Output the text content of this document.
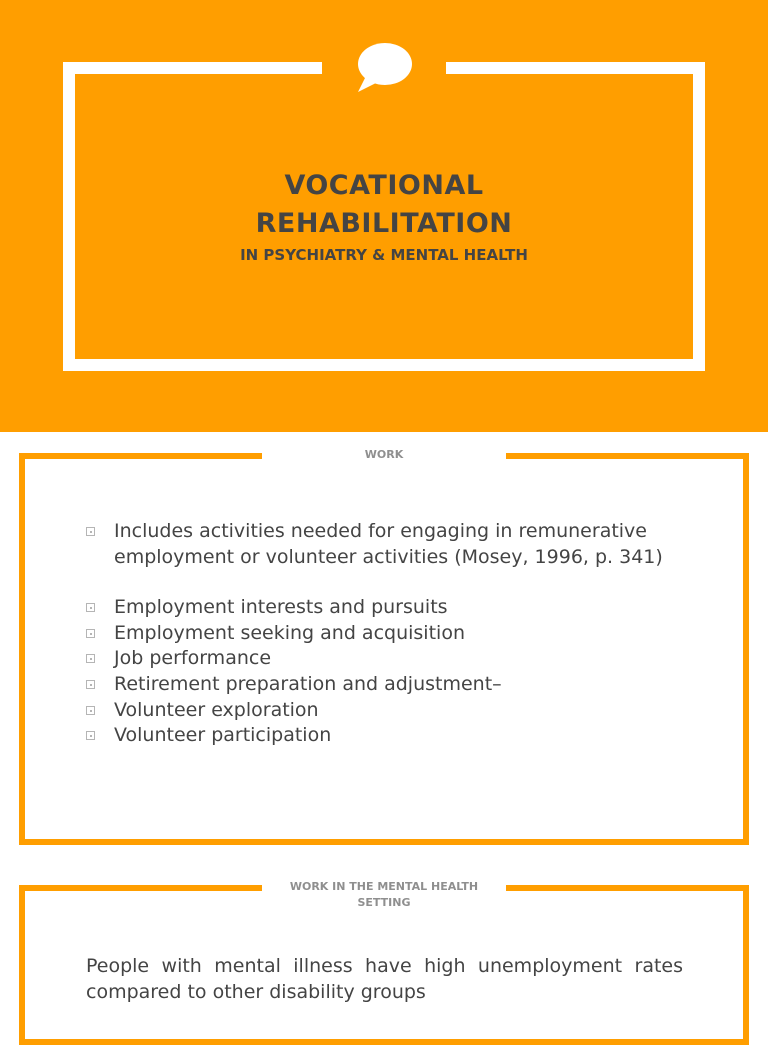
VOCATIONAL
REHABILITATION
IN PSYCHIATRY & MENTAL HEALTH
WORK
Includes activities needed for engaging in remunerative employment or volunteer activities (Mosey, 1996, p. 341)
Employment interests and pursuits
Employment seeking and acquisition
Job performance
Retirement preparation and adjustment–
Volunteer exploration
Volunteer participation
WORK IN THE MENTAL HEALTH SETTING
People with mental illness have high unemployment rates compared to other disability groups
